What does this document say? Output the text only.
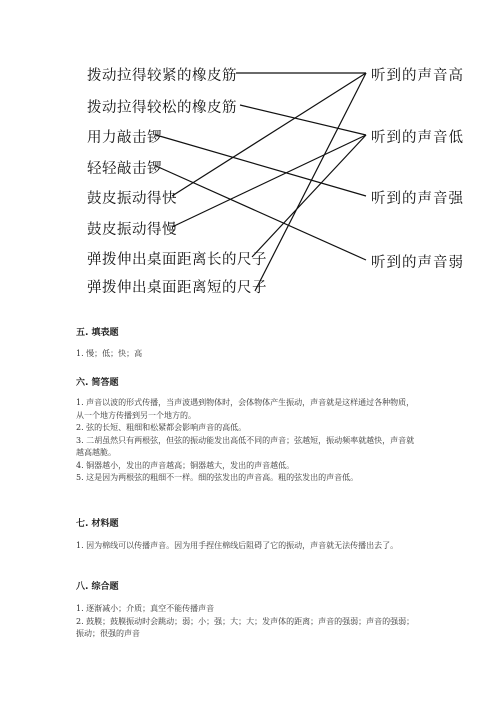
拨动拉得较紧的橡皮筋
拨动拉得较松的橡皮筋
用力敲击锣
轻轻敲击锣
鼓皮振动得快
鼓皮振动得慢
弹拨伸出桌面距离长的尺子
弹拨伸出桌面距离短的尺子
听到的声音高
听到的声音低
听到的声音强
听到的声音弱
五. 填表题
1. 慢；低；快；高
六. 简答题
1. 声音以波的形式传播，当声波遇到物体时，会体物体产生振动，声音就是这样通过各种物质，从一个地方传播到另一个地方的。
2. 弦的长短、粗细和松紧都会影响声音的高低。
3. 二胡虽然只有两根弦，但弦的振动能发出高低不同的声音；弦越短，振动频率就越快，声音就越高越脆。
4. 铜器越小，发出的声音越高；铜器越大，发出的声音越低。
5. 这是因为两根弦的粗细不一样。细的弦发出的声音高。粗的弦发出的声音低。
七. 材料题
1. 因为棉线可以传播声音。因为用手捏住棉线后阻碍了它的振动，声音就无法传播出去了。
八. 综合题
1. 逐渐减小；介质；真空不能传播声音
2. 鼓膜；鼓膜振动时会跳动；弱；小；强；大；大；发声体的距离；声音的强弱；声音的强弱；振动；很强的声音
